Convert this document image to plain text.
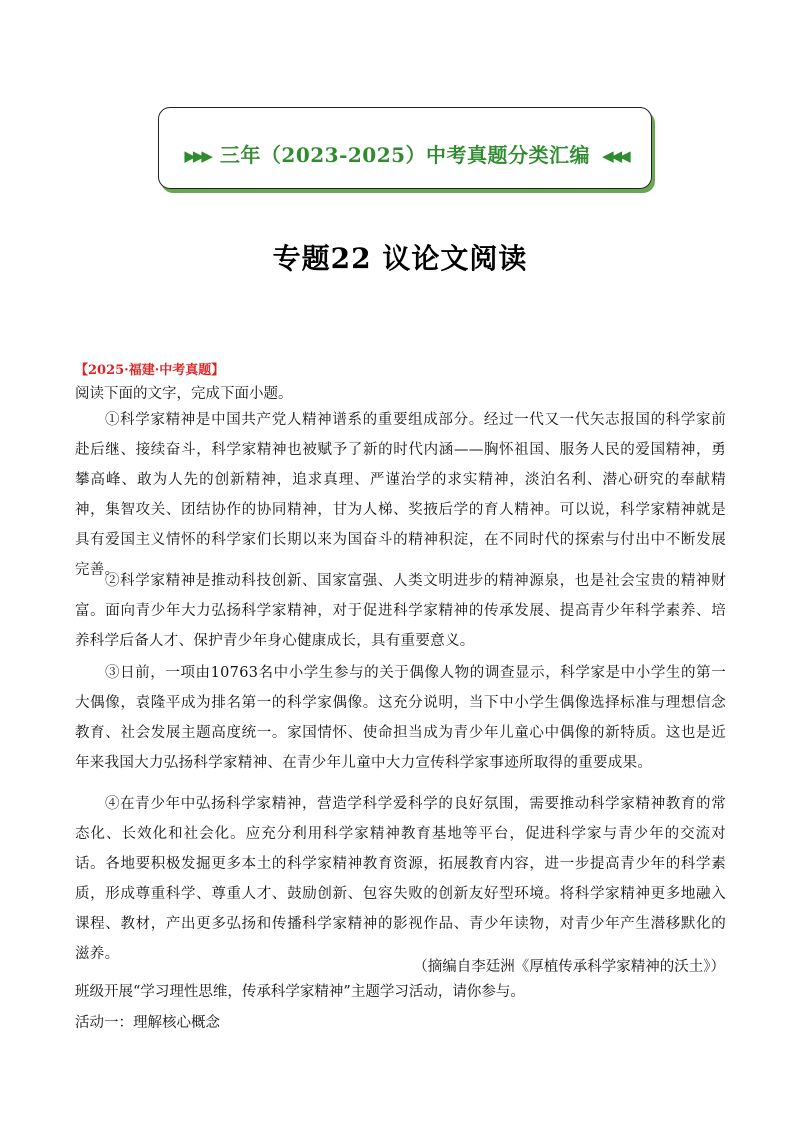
▶▶▶ 三年（2023-2025）中考真题分类汇编 ◀◀◀
专题22 议论文阅读
【2025·福建·中考真题】
阅读下面的文字，完成下面小题。

①科学家精神是中国共产党人精神谱系的重要组成部分。经过一代又一代矢志报国的科学家前赴后继、接续奋斗，科学家精神也被赋予了新的时代内涵——胸怀祖国、服务人民的爱国精神，勇攀高峰、敢为人先的创新精神，追求真理、严谨治学的求实精神，淡泊名利、潜心研究的奉献精神，集智攻关、团结协作的协同精神，甘为人梯、奖掖后学的育人精神。可以说，科学家精神就是具有爱国主义情怀的科学家们长期以来为国奋斗的精神积淀，在不同时代的探索与付出中不断发展完善。

②科学家精神是推动科技创新、国家富强、人类文明进步的精神源泉，也是社会宝贵的精神财富。面向青少年大力弘扬科学家精神，对于促进科学家精神的传承发展、提高青少年科学素养、培养科学后备人才、保护青少年身心健康成长，具有重要意义。

③日前，一项由10763名中小学生参与的关于偶像人物的调查显示，科学家是中小学生的第一大偶像，袁隆平成为排名第一的科学家偶像。这充分说明，当下中小学生偶像选择标准与理想信念教育、社会发展主题高度统一。家国情怀、使命担当成为青少年儿童心中偶像的新特质。这也是近年来我国大力弘扬科学家精神、在青少年儿童中大力宣传科学家事迹所取得的重要成果。

④在青少年中弘扬科学家精神，营造学科学爱科学的良好氛围，需要推动科学家精神教育的常态化、长效化和社会化。应充分利用科学家精神教育基地等平台，促进科学家与青少年的交流对话。各地要积极发掘更多本土的科学家精神教育资源，拓展教育内容，进一步提高青少年的科学素质，形成尊重科学、尊重人才、鼓励创新、包容失败的创新友好型环境。将科学家精神更多地融入课程、教材，产出更多弘扬和传播科学家精神的影视作品、青少年读物，对青少年产生潜移默化的滋养。

（摘编自李廷洲《厚植传承科学家精神的沃土》）
班级开展“学习理性思维，传承科学家精神”主题学习活动，请你参与。
活动一：理解核心概念
